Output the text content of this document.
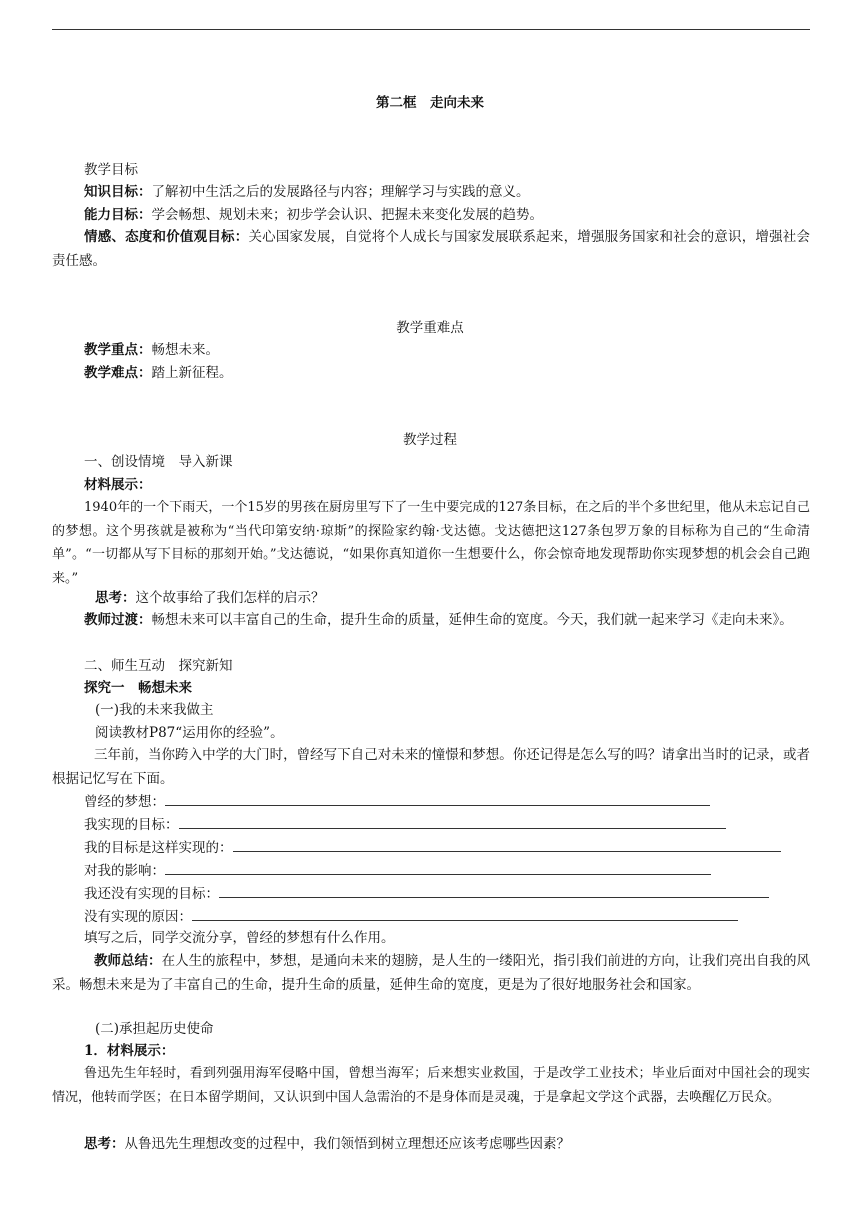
第二框　走向未来
教学目标
知识目标：了解初中生活之后的发展路径与内容；理解学习与实践的意义。
能力目标：学会畅想、规划未来；初步学会认识、把握未来变化发展的趋势。
情感、态度和价值观目标：关心国家发展，自觉将个人成长与国家发展联系起来，增强服务国家和社会的意识，增强社会责任感。
教学重难点
教学重点：畅想未来。
教学难点：踏上新征程。
教学过程
一、创设情境　导入新课
材料展示：
1940年的一个下雨天，一个15岁的男孩在厨房里写下了一生中要完成的127条目标，在之后的半个多世纪里，他从未忘记自己的梦想。这个男孩就是被称为“当代印第安纳·琼斯”的探险家约翰·戈达德。戈达德把这127条包罗万象的目标称为自己的“生命清单”。“一切都从写下目标的那刻开始。”戈达德说，“如果你真知道你一生想要什么，你会惊奇地发现帮助你实现梦想的机会会自己跑来。”
思考：这个故事给了我们怎样的启示？
教师过渡：畅想未来可以丰富自己的生命，提升生命的质量，延伸生命的宽度。今天，我们就一起来学习《走向未来》。
二、师生互动　探究新知
探究一　畅想未来
(一)我的未来我做主
阅读教材P87“运用你的经验”。
三年前，当你跨入中学的大门时，曾经写下自己对未来的憧憬和梦想。你还记得是怎么写的吗？请拿出当时的记录，或者根据记忆写在下面。
曾经的梦想：
我实现的目标：
我的目标是这样实现的：
对我的影响：
我还没有实现的目标：
没有实现的原因：
填写之后，同学交流分享，曾经的梦想有什么作用。
教师总结：在人生的旅程中，梦想，是通向未来的翅膀，是人生的一缕阳光，指引我们前进的方向，让我们亮出自我的风采。畅想未来是为了丰富自己的生命，提升生命的质量，延伸生命的宽度，更是为了很好地服务社会和国家。
(二)承担起历史使命
1．材料展示：
鲁迅先生年轻时，看到列强用海军侵略中国，曾想当海军；后来想实业救国，于是改学工业技术；毕业后面对中国社会的现实情况，他转而学医；在日本留学期间，又认识到中国人急需治的不是身体而是灵魂，于是拿起文学这个武器，去唤醒亿万民众。
思考：从鲁迅先生理想改变的过程中，我们领悟到树立理想还应该考虑哪些因素？
